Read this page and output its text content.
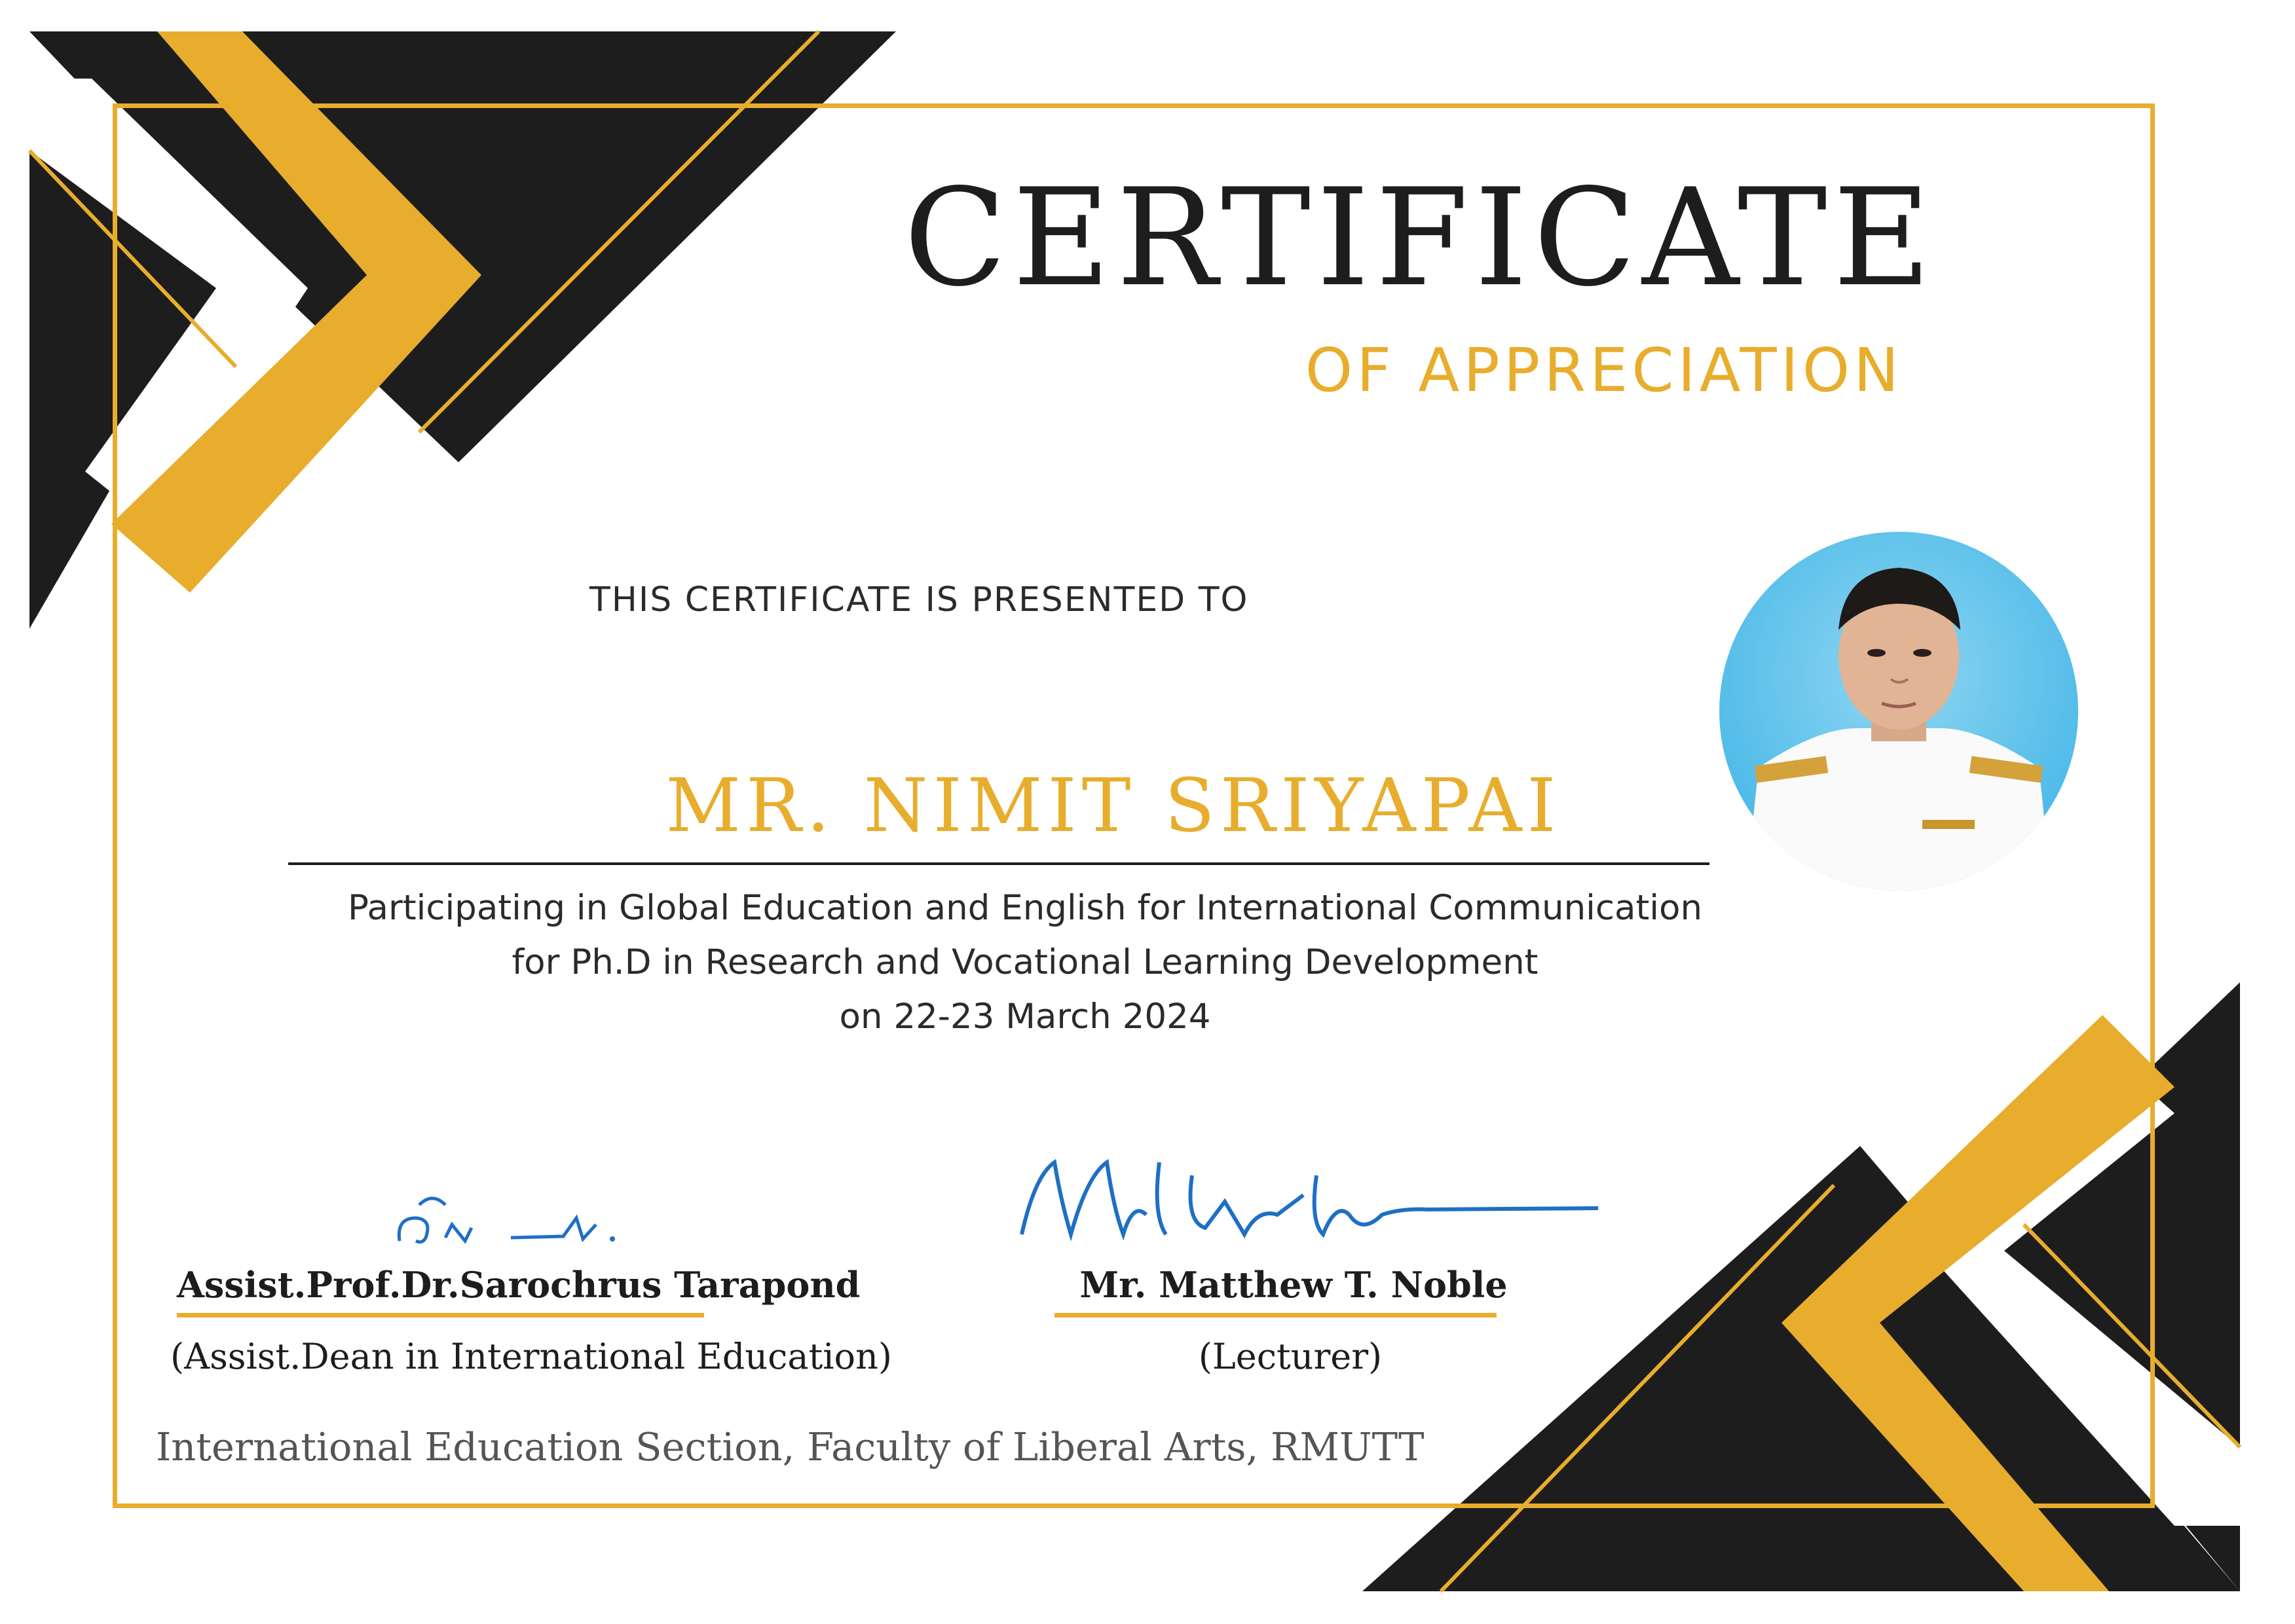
CERTIFICATE
OF APPRECIATION
THIS CERTIFICATE IS PRESENTED TO
MR. NIMIT SRIYAPAI
Participating in Global Education and English for International Communication
for Ph.D in Research and Vocational Learning Development
on 22-23 March 2024
Assist.Prof.Dr.Sarochrus Tarapond
(Assist.Dean in International Education)
Mr. Matthew T. Noble
(Lecturer)
International Education Section, Faculty of Liberal Arts, RMUTT
